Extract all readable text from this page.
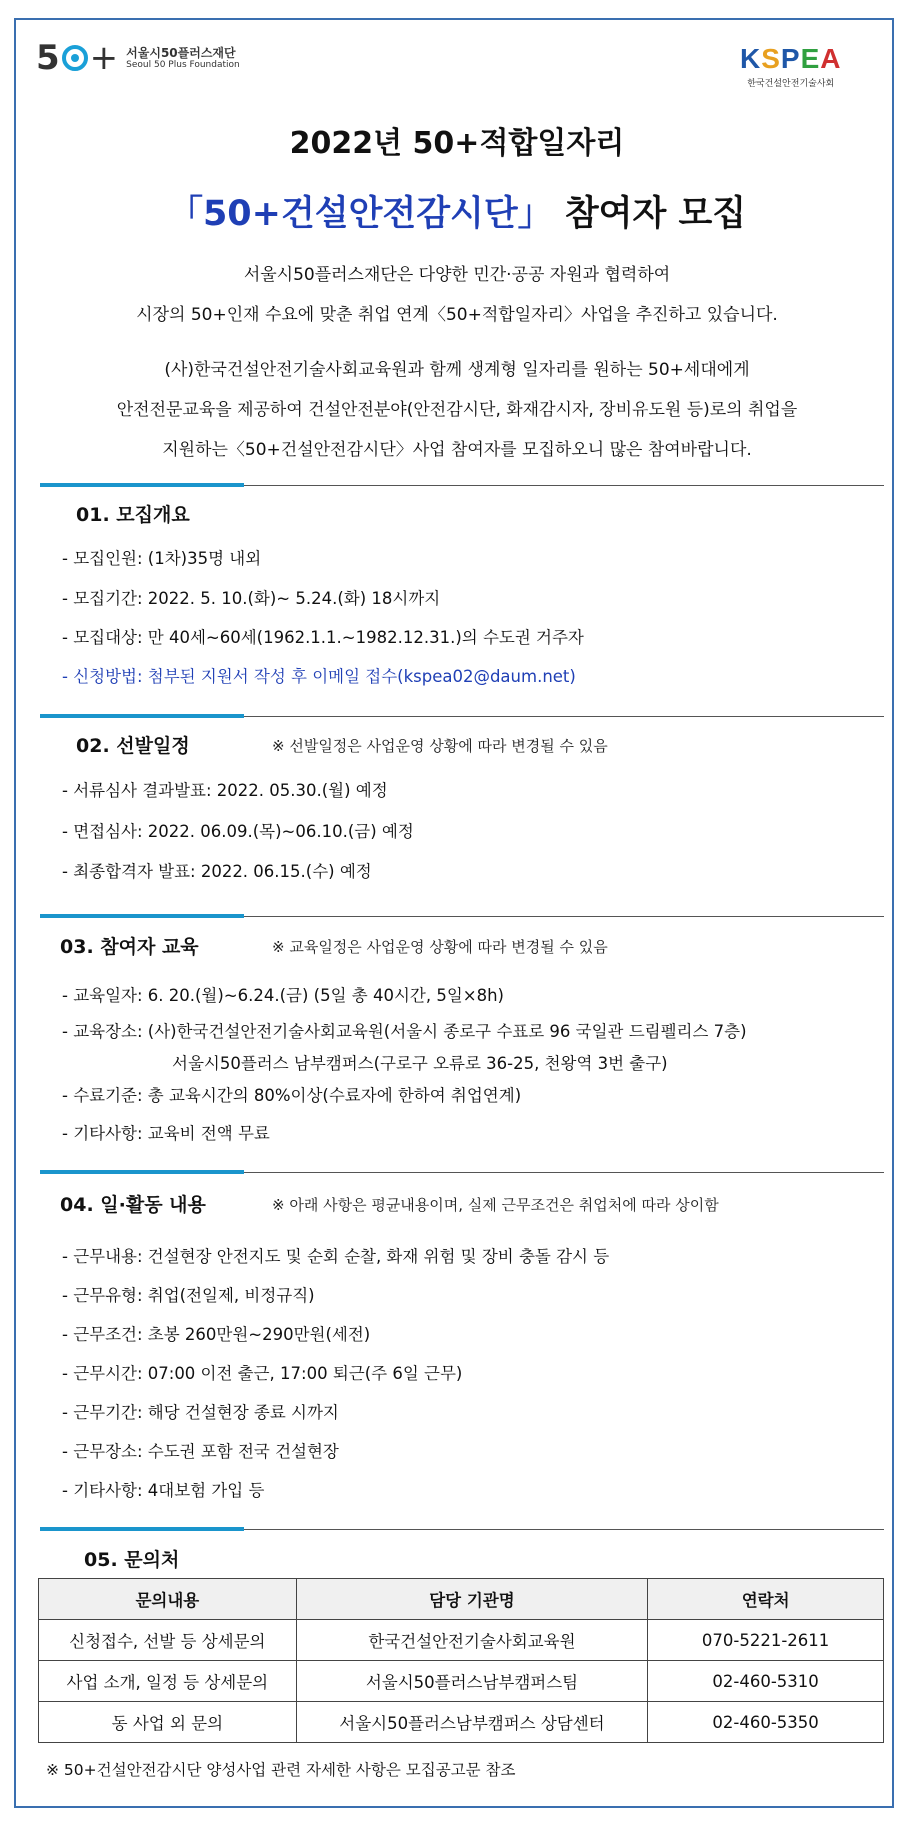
5 + 서울시50플러스재단
Seoul 50 Plus Foundation	KSPEA
한국건설안전기술사회
2022년 50+적합일자리
「50+건설안전감시단」 참여자 모집
서울시50플러스재단은 다양한 민간·공공 자원과 협력하여
시장의 50+인재 수요에 맞춘 취업 연계〈50+적합일자리〉사업을 추진하고 있습니다.
(사)한국건설안전기술사회교육원과 함께 생계형 일자리를 원하는 50+세대에게
안전전문교육을 제공하여 건설안전분야(안전감시단, 화재감시자, 장비유도원 등)로의 취업을
지원하는〈50+건설안전감시단〉사업 참여자를 모집하오니 많은 참여바랍니다.
01. 모집개요
- 모집인원: (1차)35명 내외
- 모집기간: 2022. 5. 10.(화)~ 5.24.(화) 18시까지
- 모집대상: 만 40세~60세(1962.1.1.~1982.12.31.)의 수도권 거주자
- 신청방법: 첨부된 지원서 작성 후 이메일 접수(kspea02@daum.net)
02. 선발일정	※ 선발일정은 사업운영 상황에 따라 변경될 수 있음
- 서류심사 결과발표: 2022. 05.30.(월) 예정
- 면접심사: 2022. 06.09.(목)~06.10.(금) 예정
- 최종합격자 발표: 2022. 06.15.(수) 예정
03. 참여자 교육	※ 교육일정은 사업운영 상황에 따라 변경될 수 있음
- 교육일자: 6. 20.(월)~6.24.(금) (5일 총 40시간, 5일×8h)
- 교육장소: (사)한국건설안전기술사회교육원(서울시 종로구 수표로 96 국일관 드림펠리스 7층)
서울시50플러스 남부캠퍼스(구로구 오류로 36-25, 천왕역 3번 출구)
- 수료기준: 총 교육시간의 80%이상(수료자에 한하여 취업연계)
- 기타사항: 교육비 전액 무료
04. 일·활동 내용	※ 아래 사항은 평균내용이며, 실제 근무조건은 취업처에 따라 상이함
- 근무내용: 건설현장 안전지도 및 순회 순찰, 화재 위험 및 장비 충돌 감시 등
- 근무유형: 취업(전일제, 비정규직)
- 근무조건: 초봉 260만원~290만원(세전)
- 근무시간: 07:00 이전 출근, 17:00 퇴근(주 6일 근무)
- 근무기간: 해당 건설현장 종료 시까지
- 근무장소: 수도권 포함 전국 건설현장
- 기타사항: 4대보험 가입 등
05. 문의처
문의내용	담당 기관명	연락처
신청접수, 선발 등 상세문의	한국건설안전기술사회교육원	070-5221-2611
사업 소개, 일정 등 상세문의	서울시50플러스남부캠퍼스팀	02-460-5310
동 사업 외 문의	서울시50플러스남부캠퍼스 상담센터	02-460-5350
※ 50+건설안전감시단 양성사업 관련 자세한 사항은 모집공고문 참조
